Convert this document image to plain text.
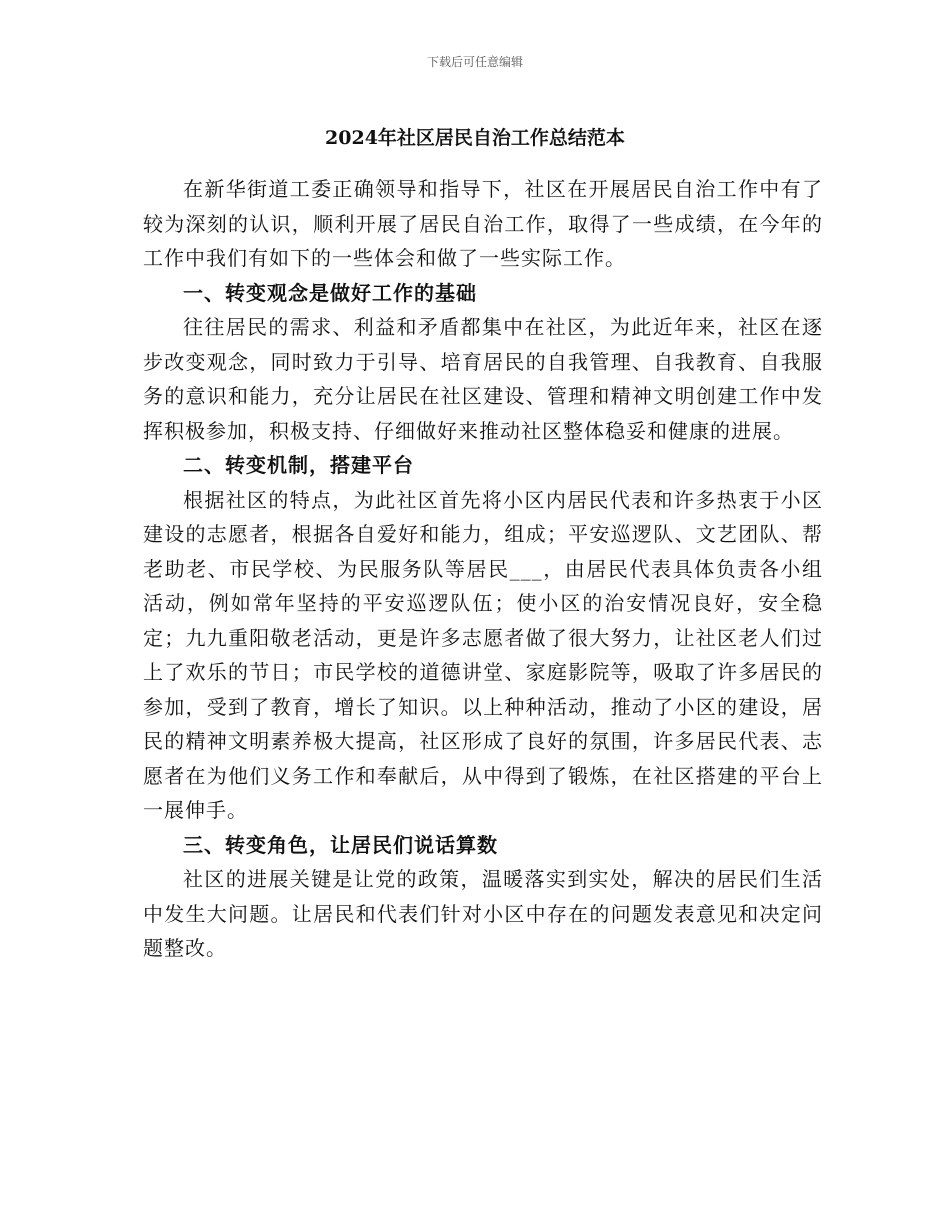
下载后可任意编辑
2024年社区居民自治工作总结范本

在新华街道工委正确领导和指导下，社区在开展居民自治工作中有了较为深刻的认识，顺利开展了居民自治工作，取得了一些成绩，在今年的工作中我们有如下的一些体会和做了一些实际工作。

一、转变观念是做好工作的基础

往往居民的需求、利益和矛盾都集中在社区，为此近年来，社区在逐步改变观念，同时致力于引导、培育居民的自我管理、自我教育、自我服务的意识和能力，充分让居民在社区建设、管理和精神文明创建工作中发挥积极参加，积极支持、仔细做好来推动社区整体稳妥和健康的进展。

二、转变机制，搭建平台

根据社区的特点，为此社区首先将小区内居民代表和许多热衷于小区建设的志愿者，根据各自爱好和能力，组成；平安巡逻队、文艺团队、帮老助老、市民学校、为民服务队等居民___，由居民代表具体负责各小组活动，例如常年坚持的平安巡逻队伍；使小区的治安情况良好，安全稳定；九九重阳敬老活动，更是许多志愿者做了很大努力，让社区老人们过上了欢乐的节日；市民学校的道德讲堂、家庭影院等，吸取了许多居民的参加，受到了教育，增长了知识。以上种种活动，推动了小区的建设，居民的精神文明素养极大提高，社区形成了良好的氛围，许多居民代表、志愿者在为他们义务工作和奉献后，从中得到了锻炼，在社区搭建的平台上一展伸手。

三、转变角色，让居民们说话算数

社区的进展关键是让党的政策，温暖落实到实处，解决的居民们生活中发生大问题。让居民和代表们针对小区中存在的问题发表意见和决定问题整改。
